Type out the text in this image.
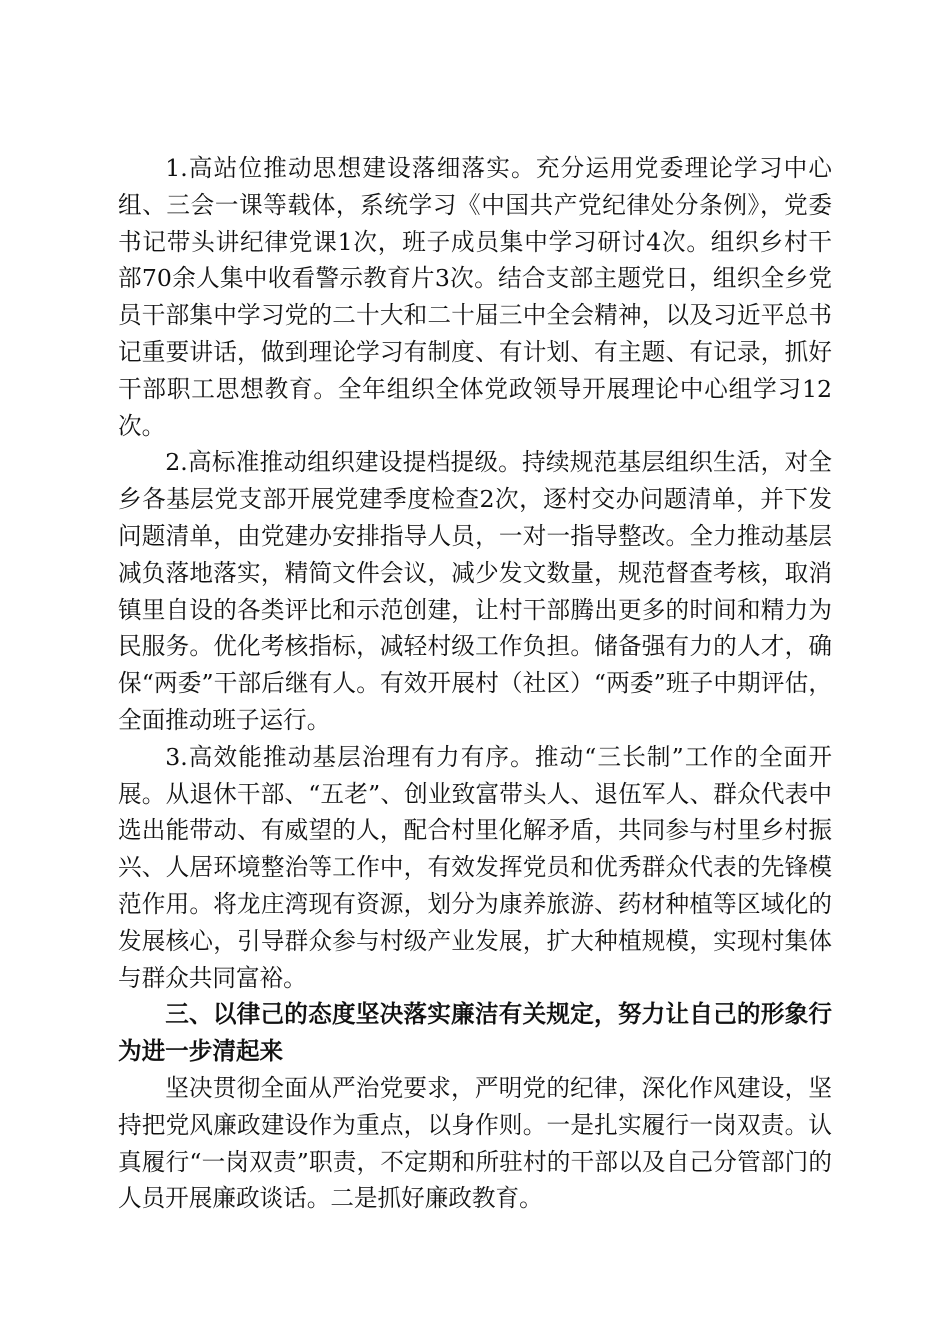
1.高站位推动思想建设落细落实。充分运用党委理论学习中心组、三会一课等载体，系统学习《中国共产党纪律处分条例》，党委书记带头讲纪律党课1次，班子成员集中学习研讨4次。组织乡村干部70余人集中收看警示教育片3次。结合支部主题党日，组织全乡党员干部集中学习党的二十大和二十届三中全会精神，以及习近平总书记重要讲话，做到理论学习有制度、有计划、有主题、有记录，抓好干部职工思想教育。全年组织全体党政领导开展理论中心组学习12次。

2.高标准推动组织建设提档提级。持续规范基层组织生活，对全乡各基层党支部开展党建季度检查2次，逐村交办问题清单，并下发问题清单，由党建办安排指导人员，一对一指导整改。全力推动基层减负落地落实，精简文件会议，减少发文数量，规范督查考核，取消镇里自设的各类评比和示范创建，让村干部腾出更多的时间和精力为民服务。优化考核指标，减轻村级工作负担。储备强有力的人才，确保“两委”干部后继有人。有效开展村（社区）“两委”班子中期评估，全面推动班子运行。

3.高效能推动基层治理有力有序。推动“三长制”工作的全面开展。从退休干部、“五老”、创业致富带头人、退伍军人、群众代表中选出能带动、有威望的人，配合村里化解矛盾，共同参与村里乡村振兴、人居环境整治等工作中，有效发挥党员和优秀群众代表的先锋模范作用。将龙庄湾现有资源，划分为康养旅游、药材种植等区域化的发展核心，引导群众参与村级产业发展，扩大种植规模，实现村集体与群众共同富裕。

三、以律己的态度坚决落实廉洁有关规定，努力让自己的形象行为进一步清起来

坚决贯彻全面从严治党要求，严明党的纪律，深化作风建设，坚持把党风廉政建设作为重点，以身作则。一是扎实履行一岗双责。认真履行“一岗双责”职责，不定期和所驻村的干部以及自己分管部门的人员开展廉政谈话。二是抓好廉政教育。
